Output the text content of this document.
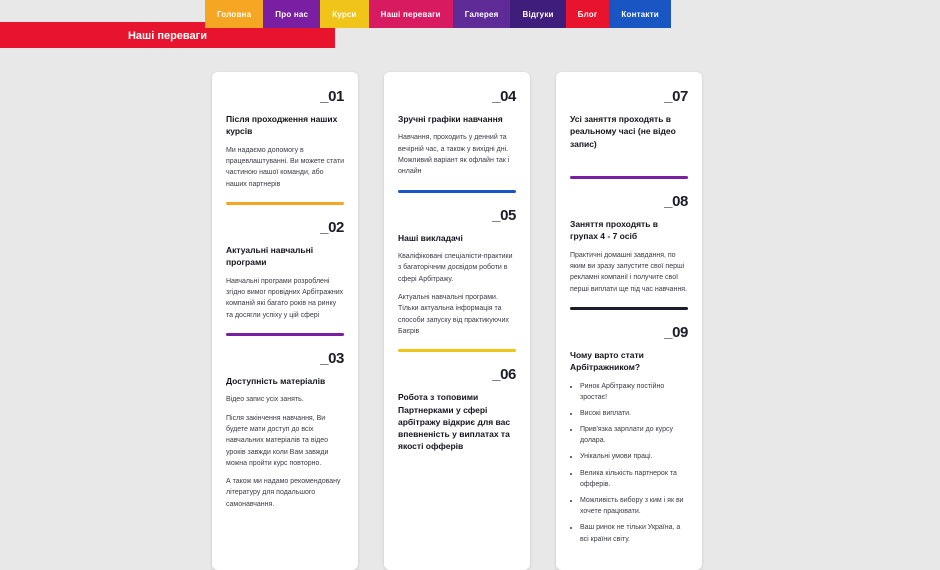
Головна	Про нас	Курси	Наші переваги	Галерея	Відгуки	Блог	Контакти
Наші переваги
_01
Після проходження наших курсів

Ми надаємо допомогу в працевлаштуванні. Ви можете стати частиною нашої команди, або наших партнерів

_02
Актуальні навчальні програми

Навчальні програми розроблені згідно вимог провідних Арбітражних компаній які багато років на ринку та досягли успіху у цій сфері

_03
Доступність матеріалів

Відео запис усіх занять.

Після закінчення навчання, Ви будете мати доступ до всіх навчальних матеріалів та відео уроків завжди коли Вам завжди можна пройти курс повторно.

А також ми надамо рекомендовану літературу для подальшого самонавчання.

_04
Зручні графіки навчання

Навчання, проходить у денний та вечірній час, а також у вихідні дні. Можливий варіант як офлайн так і онлайн

_05
Наші викладачі

Кваліфіковані спеціалісти-практики з багаторічним досвідом роботи в сфері Арбітражу.

Актуальні навчальні програми. Тільки актуальна інформація та способи запуску від практикуючих Баєрів

_06
Робота з топовими Партнерками у сфері арбітражу відкриє для вас впевненість у виплатах та якості офферів
_07
Усі заняття проходять в реальному часі (не відео запис)
_08
Заняття проходять в групах 4 - 7 осіб

Практичні домашні завдання, по яким ви зразу запустите свої перші рекламні компанії і получите свої перші виплати ще під час навчання.

_09
Чому варто стати Арбітражником?
• Ринок Арбітражу постійно зростає!
• Високі виплати.
• Прив'язка зарплати до курсу долара.
• Унікальні умови праці.
• Велика кількість партнерок та офферів.
• Можливість вибору з ким і як ви хочете працювати.
• Ваш ринок не тільки Україна, а всі країни світу.
